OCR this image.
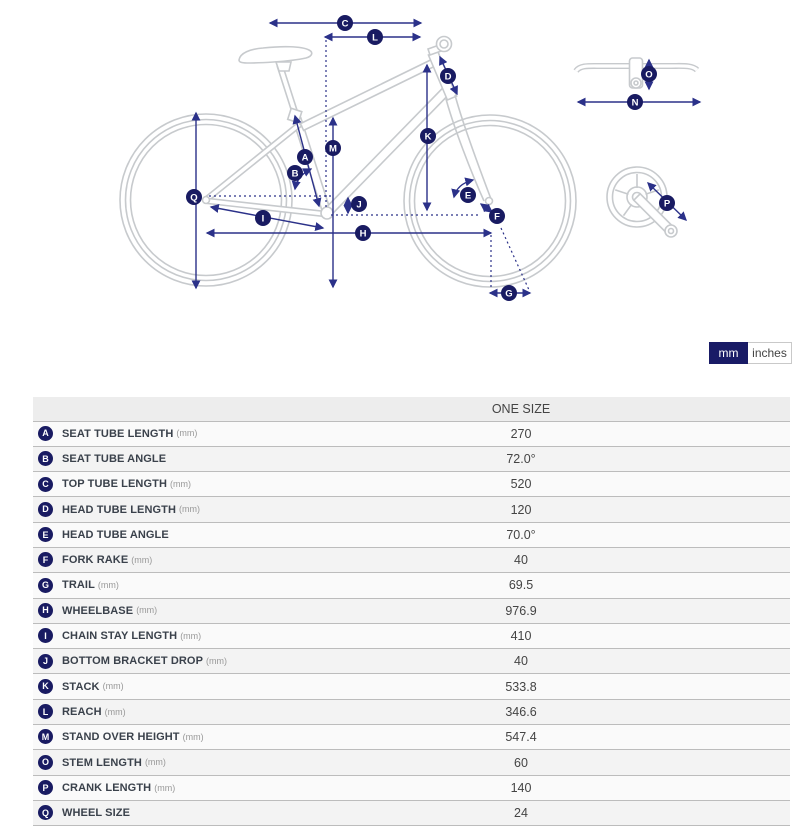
C
L
D	O
N
K
M
A
B
E
Q
P
J
F
I
H
G
mm	inches
	ONE SIZE
A SEAT TUBE LENGTH (mm)	270
B SEAT TUBE ANGLE	72.0°
C TOP TUBE LENGTH (mm)	520
D HEAD TUBE LENGTH (mm)	120
E HEAD TUBE ANGLE	70.0°
F FORK RAKE (mm)	40
G TRAIL (mm)	69.5
H WHEELBASE (mm)	976.9
I CHAIN STAY LENGTH (mm)	410
J BOTTOM BRACKET DROP (mm)	40
K STACK (mm)	533.8
L REACH (mm)	346.6
M STAND OVER HEIGHT (mm)	547.4
O STEM LENGTH (mm)	60
P CRANK LENGTH (mm)	140
Q WHEEL SIZE	24
